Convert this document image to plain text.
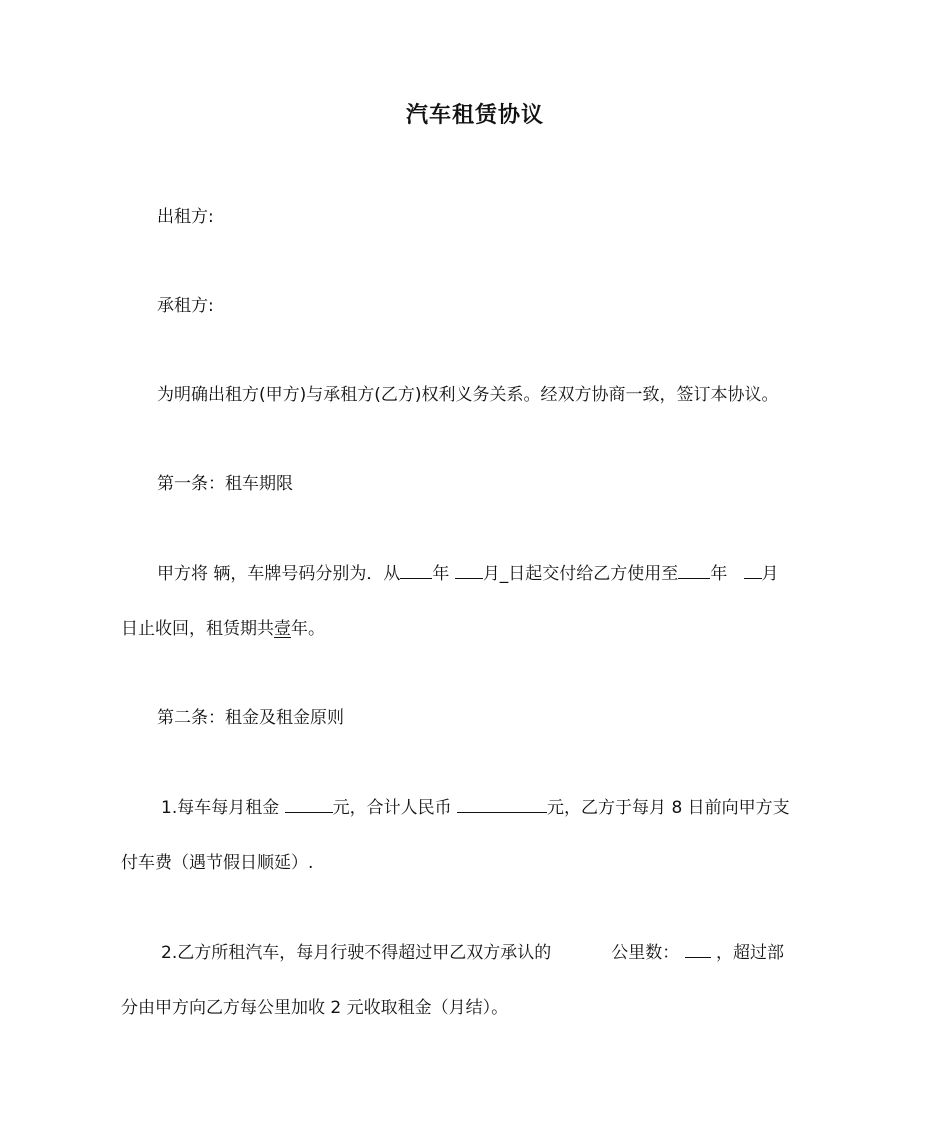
汽车租赁协议
出租方:
承租方:
为明确出租方(甲方)与承租方(乙方)权利义务关系。经双方协商一致，签订本协议。
第一条：租车期限
甲方将 辆，车牌号码分别为．从 年 月_日起交付给乙方使用至 年 月
日止收回，租赁期共壹年。
第二条：租金及租金原则
1.每车每月租金	元，合计人民币	元，乙方于每月 8 日前向甲方支
付车费（遇节假日顺延）.
2.乙方所租汽车，每月行驶不得超过甲乙双方承认的	公里数： ，超过部
分由甲方向乙方每公里加收 2 元收取租金（月结）。
